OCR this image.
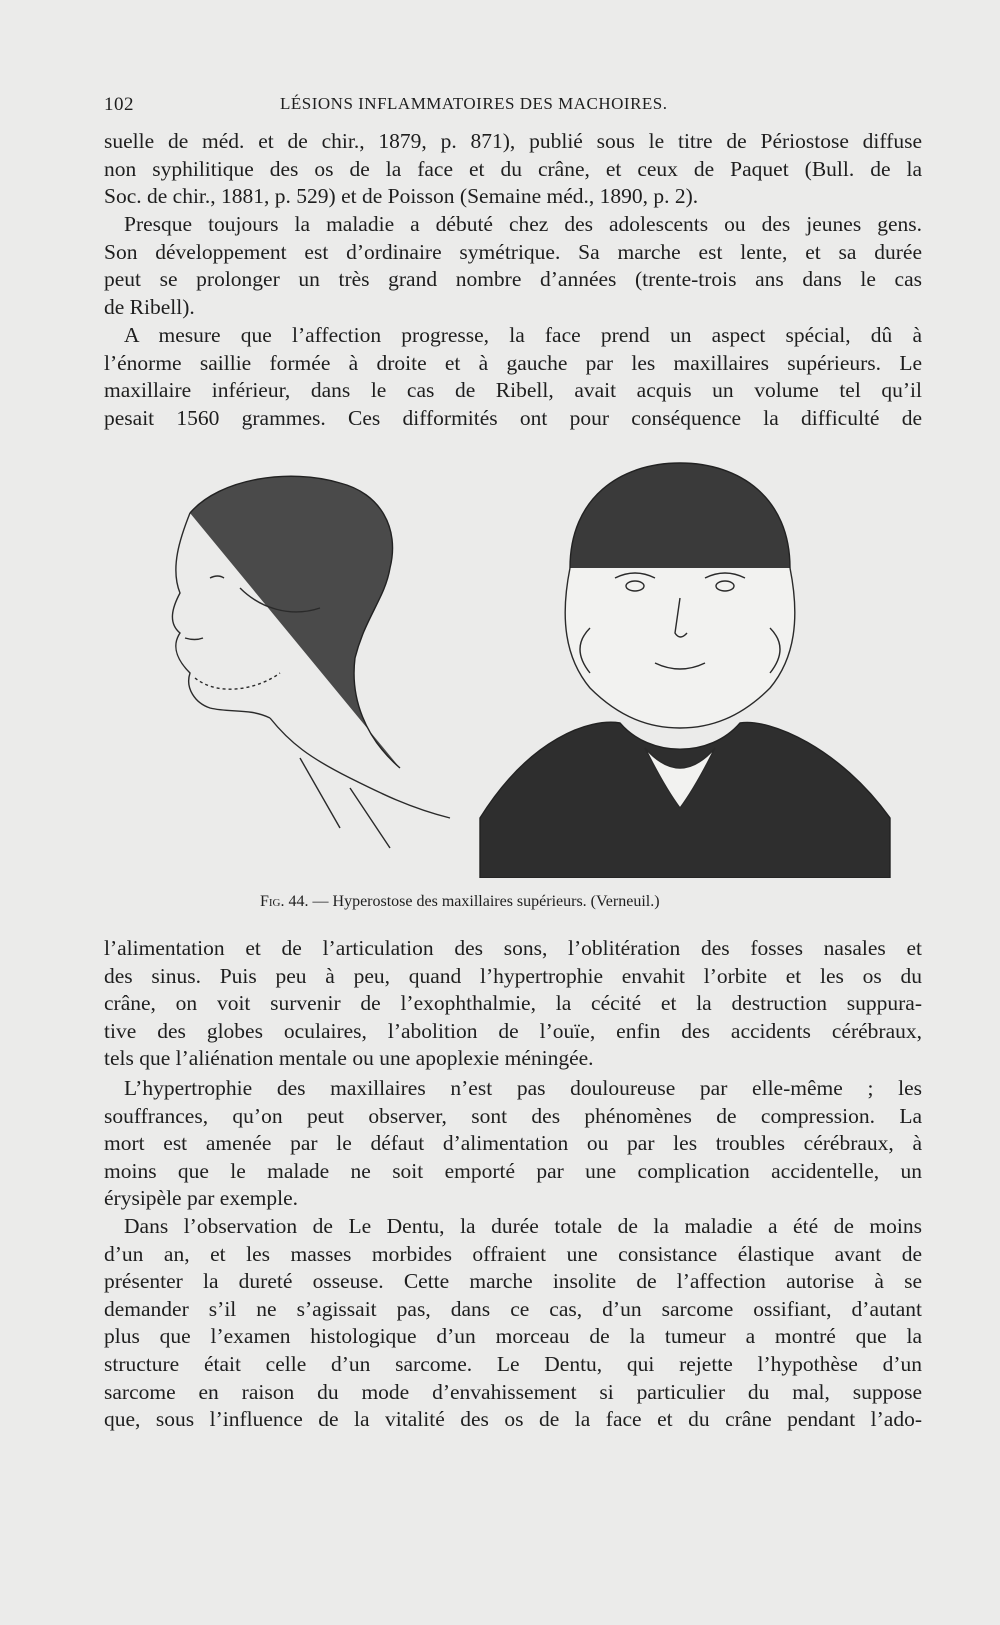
102	LÉSIONS INFLAMMATOIRES DES MACHOIRES.
suelle de méd. et de chir., 1879, p. 871), publié sous le titre de Périostose diffuse
non syphilitique des os de la face et du crâne, et ceux de Paquet (Bull. de la
Soc. de chir., 1881, p. 529) et de Poisson (Semaine méd., 1890, p. 2).
Presque toujours la maladie a débuté chez des adolescents ou des jeunes gens.
Son développement est d’ordinaire symétrique. Sa marche est lente, et sa durée
peut se prolonger un très grand nombre d’années (trente-trois ans dans le cas
de Ribell).
A mesure que l’affection progresse, la face prend un aspect spécial, dû à
l’énorme saillie formée à droite et à gauche par les maxillaires supérieurs. Le
maxillaire inférieur, dans le cas de Ribell, avait acquis un volume tel qu’il
pesait 1560 grammes. Ces difformités ont pour conséquence la difficulté de
Fig. 44. — Hyperostose des maxillaires supérieurs. (Verneuil.)
l’alimentation et de l’articulation des sons, l’oblitération des fosses nasales et
des sinus. Puis peu à peu, quand l’hypertrophie envahit l’orbite et les os du
crâne, on voit survenir de l’exophthalmie, la cécité et la destruction suppura-
tive des globes oculaires, l’abolition de l’ouïe, enfin des accidents cérébraux,
tels que l’aliénation mentale ou une apoplexie méningée.
L’hypertrophie des maxillaires n’est pas douloureuse par elle-même ; les
souffrances, qu’on peut observer, sont des phénomènes de compression. La
mort est amenée par le défaut d’alimentation ou par les troubles cérébraux, à
moins que le malade ne soit emporté par une complication accidentelle, un
érysipèle par exemple.
Dans l’observation de Le Dentu, la durée totale de la maladie a été de moins
d’un an, et les masses morbides offraient une consistance élastique avant de
présenter la dureté osseuse. Cette marche insolite de l’affection autorise à se
demander s’il ne s’agissait pas, dans ce cas, d’un sarcome ossifiant, d’autant
plus que l’examen histologique d’un morceau de la tumeur a montré que la
structure était celle d’un sarcome. Le Dentu, qui rejette l’hypothèse d’un
sarcome en raison du mode d’envahissement si particulier du mal, suppose
que, sous l’influence de la vitalité des os de la face et du crâne pendant l’ado-
